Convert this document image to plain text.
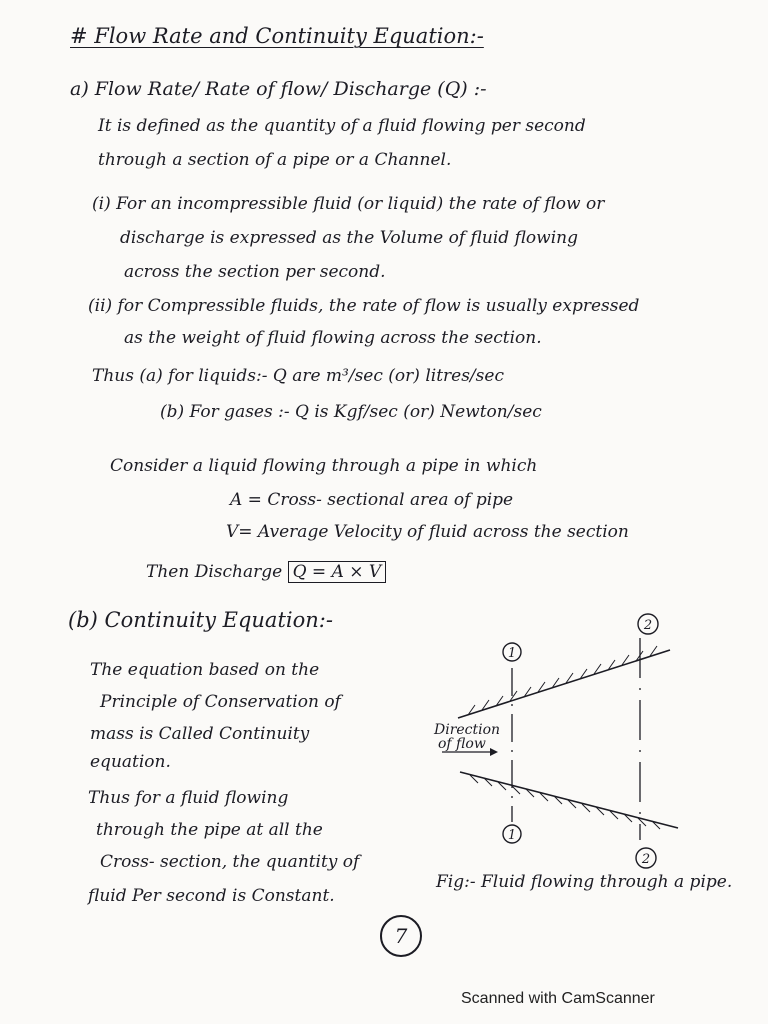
# Flow Rate and Continuity Equation:-
a) Flow Rate/ Rate of flow/ Discharge (Q) :-
It is defined as the quantity of a fluid flowing per second
through a section of a pipe or a Channel.
(i) For an incompressible fluid (or liquid) the rate of flow or
discharge is expressed as the Volume of fluid flowing
across the section per second.
(ii) for Compressible fluids, the rate of flow is usually expressed
as the weight of fluid flowing across the section.
Thus (a) for liquids:- Q are m³/sec (or) litres/sec
(b) For gases :- Q is Kgf/sec (or) Newton/sec
Consider a liquid flowing through a pipe in which
A = Cross- sectional area of pipe
V= Average Velocity of fluid across the section
Then Discharge Q = A × V
(b) Continuity Equation:-
The equation based on the
Principle of Conservation of
mass is Called Continuity
equation.
Thus for a fluid flowing
through the pipe at all the
Cross- section, the quantity of
fluid Per second is Constant.
1
1
2
2
Direction
of flow
Fig:- Fluid flowing through a pipe.
7
Scanned with CamScanner
